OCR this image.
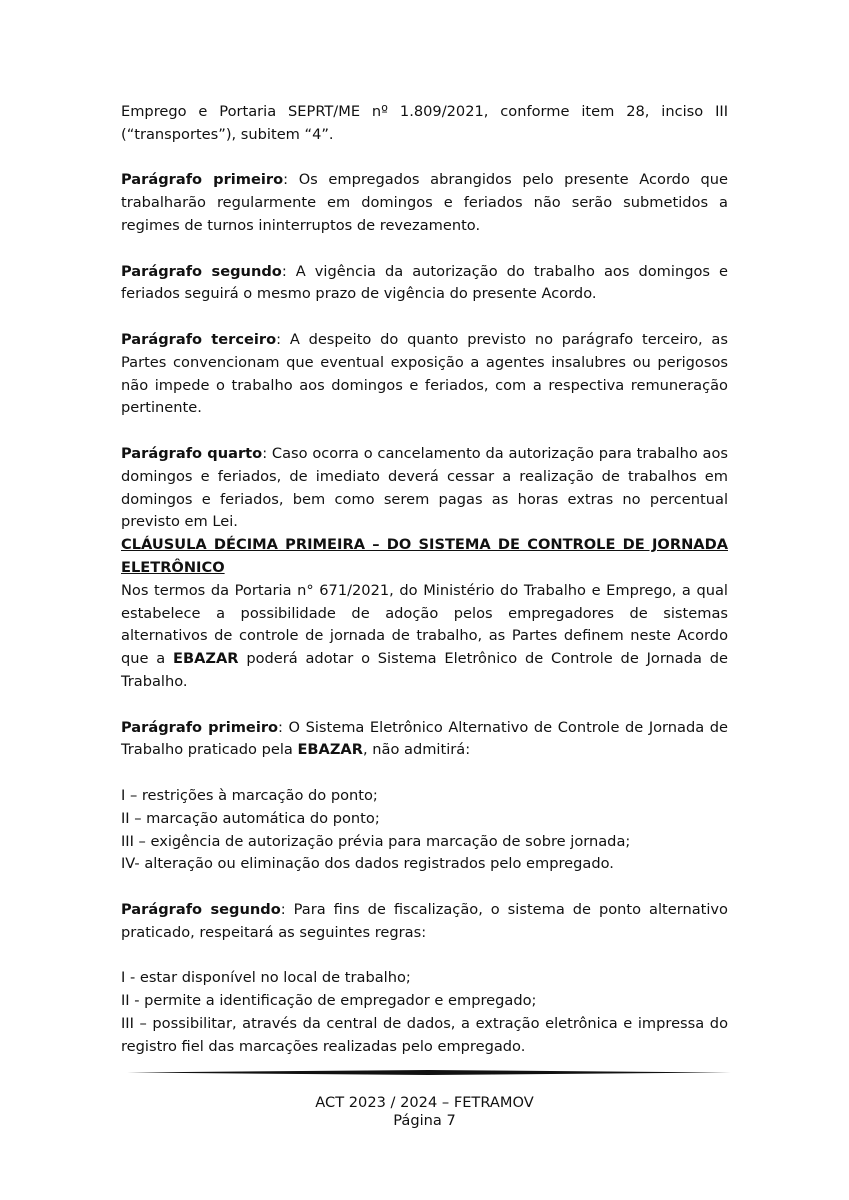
Emprego e Portaria SEPRT/ME nº 1.809/2021, conforme item 28, inciso III (“transportes”), subitem “4”.

Parágrafo primeiro: Os empregados abrangidos pelo presente Acordo que trabalharão regularmente em domingos e feriados não serão submetidos a regimes de turnos ininterruptos de revezamento.

Parágrafo segundo: A vigência da autorização do trabalho aos domingos e feriados seguirá o mesmo prazo de vigência do presente Acordo.

Parágrafo terceiro: A despeito do quanto previsto no parágrafo terceiro, as Partes convencionam que eventual exposição a agentes insalubres ou perigosos não impede o trabalho aos domingos e feriados, com a respectiva remuneração pertinente.

Parágrafo quarto: Caso ocorra o cancelamento da autorização para trabalho aos domingos e feriados, de imediato deverá cessar a realização de trabalhos em domingos e feriados, bem como serem pagas as horas extras no percentual previsto em Lei.

CLÁUSULA DÉCIMA PRIMEIRA – DO SISTEMA DE CONTROLE DE JORNADA ELETRÔNICO

Nos termos da Portaria n° 671/2021, do Ministério do Trabalho e Emprego, a qual estabelece a possibilidade de adoção pelos empregadores de sistemas alternativos de controle de jornada de trabalho, as Partes definem neste Acordo que a EBAZAR poderá adotar o Sistema Eletrônico de Controle de Jornada de Trabalho.

Parágrafo primeiro: O Sistema Eletrônico Alternativo de Controle de Jornada de Trabalho praticado pela EBAZAR, não admitirá:

I – restrições à marcação do ponto;

II – marcação automática do ponto;

III – exigência de autorização prévia para marcação de sobre jornada;

IV- alteração ou eliminação dos dados registrados pelo empregado.

Parágrafo segundo: Para fins de fiscalização, o sistema de ponto alternativo praticado, respeitará as seguintes regras:

I - estar disponível no local de trabalho;

II - permite a identificação de empregador e empregado;

III – possibilitar, através da central de dados, a extração eletrônica e impressa do registro fiel das marcações realizadas pelo empregado.

ACT 2023 / 2024 – FETRAMOV
Página 7
